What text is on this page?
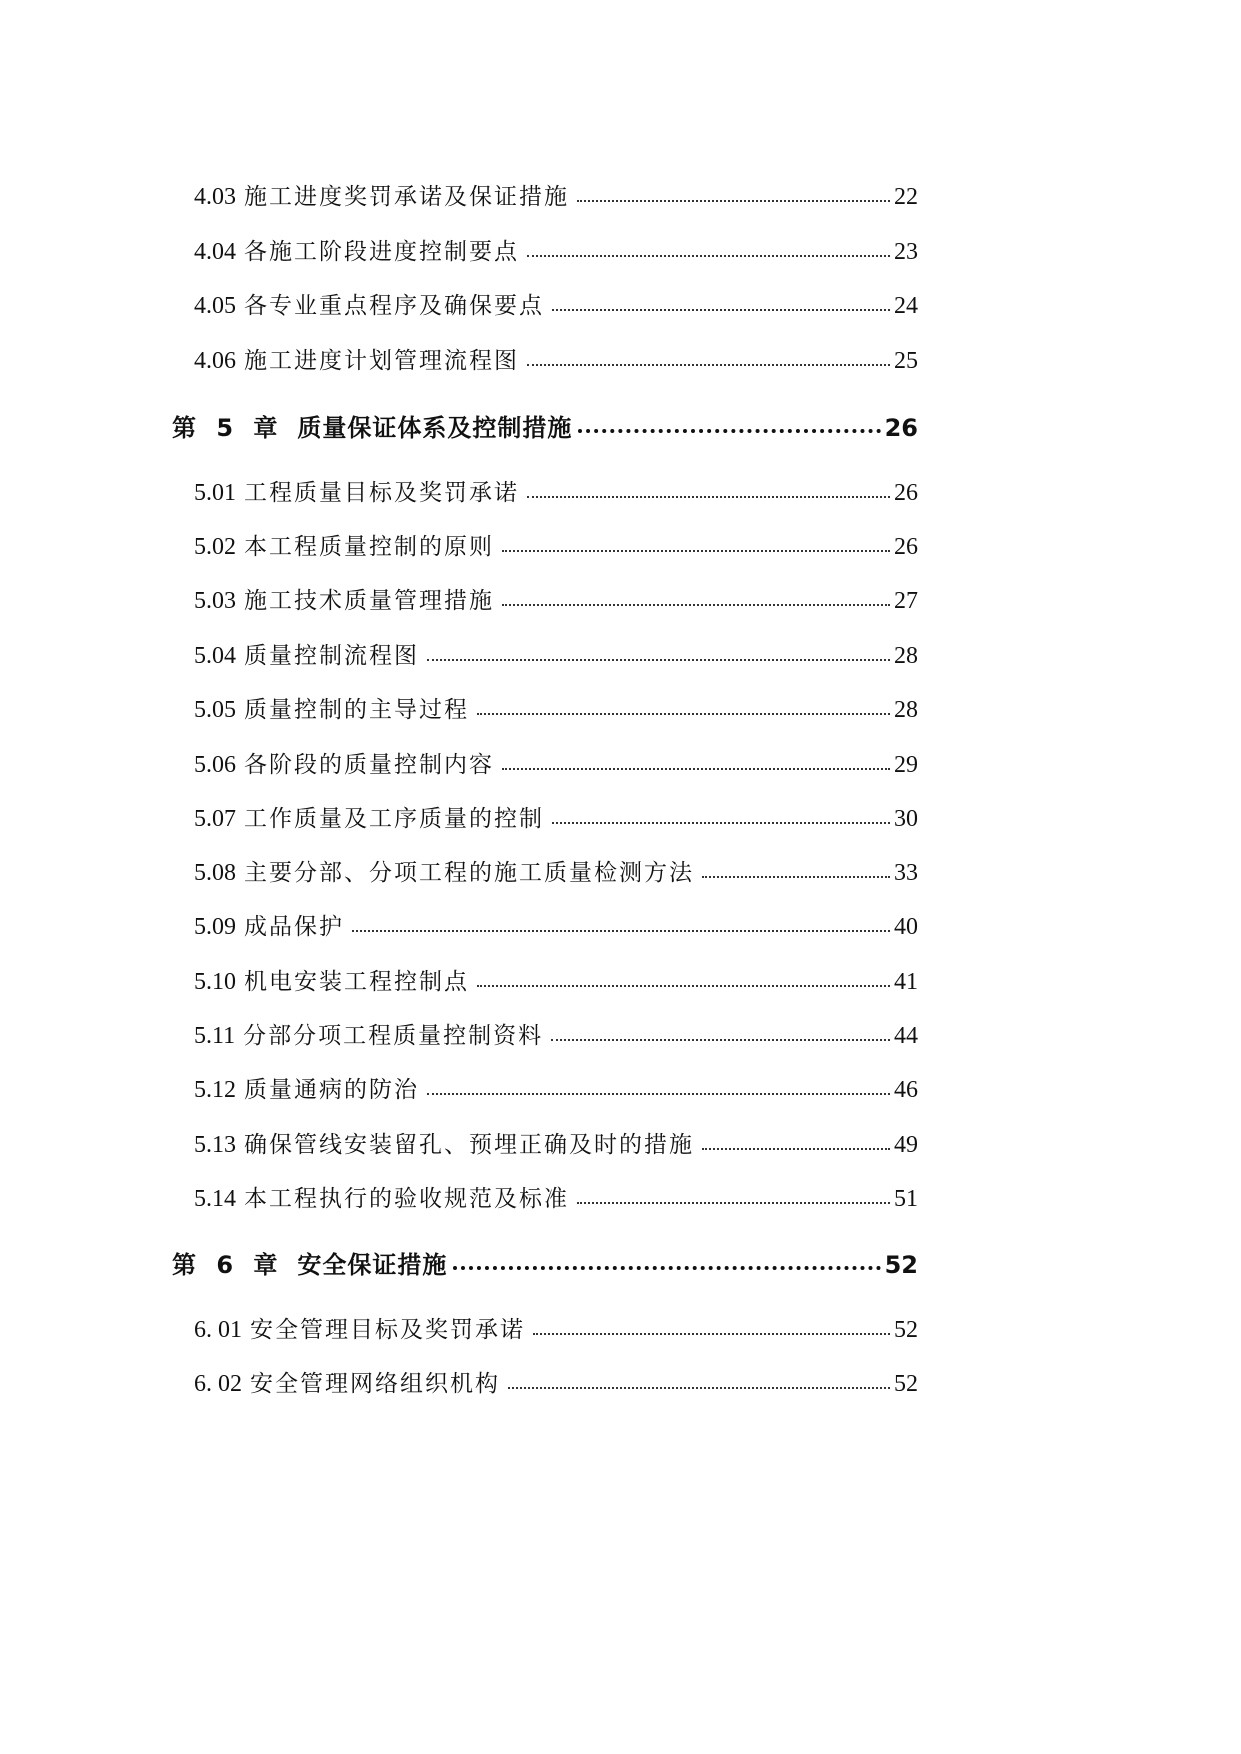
4.03 施工进度奖罚承诺及保证措施	22
4.04 各施工阶段进度控制要点	23
4.05 各专业重点程序及确保要点	24
4.06 施工进度计划管理流程图	25
第 5 章 质量保证体系及控制措施	26
5.01 工程质量目标及奖罚承诺	26
5.02 本工程质量控制的原则	26
5.03 施工技术质量管理措施	27
5.04 质量控制流程图	28
5.05 质量控制的主导过程	28
5.06 各阶段的质量控制内容	29
5.07 工作质量及工序质量的控制	30
5.08 主要分部、分项工程的施工质量检测方法	33
5.09 成品保护	40
5.10 机电安装工程控制点	41
5.11 分部分项工程质量控制资料	44
5.12 质量通病的防治	46
5.13 确保管线安装留孔、预埋正确及时的措施	49
5.14 本工程执行的验收规范及标准	51
第 6 章 安全保证措施	52
6. 01 安全管理目标及奖罚承诺	52
6. 02 安全管理网络组织机构	52
